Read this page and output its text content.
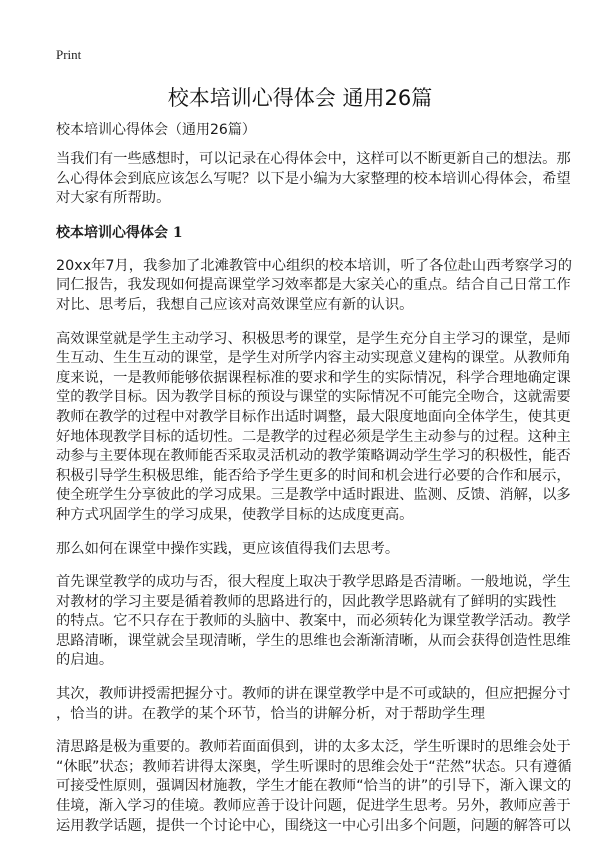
Print
校本培训心得体会 通用26篇
校本培训心得体会（通用26篇）
当我们有一些感想时，可以记录在心得体会中，这样可以不断更新自己的想法。那
么心得体会到底应该怎么写呢？以下是小编为大家整理的校本培训心得体会，希望
对大家有所帮助。
校本培训心得体会 1
20xx年7月，我参加了北滩教管中心组织的校本培训，听了各位赴山西考察学习的
同仁报告，我发现如何提高课堂学习效率都是大家关心的重点。结合自己日常工作
对比、思考后，我想自己应该对高效课堂应有新的认识。
高效课堂就是学生主动学习、积极思考的课堂，是学生充分自主学习的课堂，是师
生互动、生生互动的课堂，是学生对所学内容主动实现意义建构的课堂。从教师角
度来说，一是教师能够依据课程标准的要求和学生的实际情况，科学合理地确定课
堂的教学目标。因为教学目标的预设与课堂的实际情况不可能完全吻合，这就需要
教师在教学的过程中对教学目标作出适时调整，最大限度地面向全体学生，使其更
好地体现教学目标的适切性。二是教学的过程必须是学生主动参与的过程。这种主
动参与主要体现在教师能否采取灵活机动的教学策略调动学生学习的积极性，能否
积极引导学生积极思维，能否给予学生更多的时间和机会进行必要的合作和展示，
使全班学生分享彼此的学习成果。三是教学中适时跟进、监测、反馈、消解，以多
种方式巩固学生的学习成果，使教学目标的达成度更高。
那么如何在课堂中操作实践，更应该值得我们去思考。
首先课堂教学的成功与否，很大程度上取决于教学思路是否清晰。一般地说，学生
对教材的学习主要是循着教师的思路进行的，因此教学思路就有了鲜明的实践性
的特点。它不只存在于教师的头脑中、教案中，而必须转化为课堂教学活动。教学
思路清晰，课堂就会呈现清晰，学生的思维也会渐渐清晰，从而会获得创造性思维
的启迪。
其次，教师讲授需把握分寸。教师的讲在课堂教学中是不可或缺的，但应把握分寸
，恰当的讲。在教学的某个环节，恰当的讲解分析，对于帮助学生理
清思路是极为重要的。教师若面面俱到，讲的太多太泛，学生听课时的思维会处于
“休眠”状态；教师若讲得太深奥，学生听课时的思维会处于“茫然”状态。只有遵循
可接受性原则，强调因材施教，学生才能在教师“恰当的讲”的引导下，渐入课文的
佳境，渐入学习的佳境。教师应善于设计问题，促进学生思考。另外，教师应善于
运用教学话题，提供一个讨论中心，围绕这一中心引出多个问题，问题的解答可以
